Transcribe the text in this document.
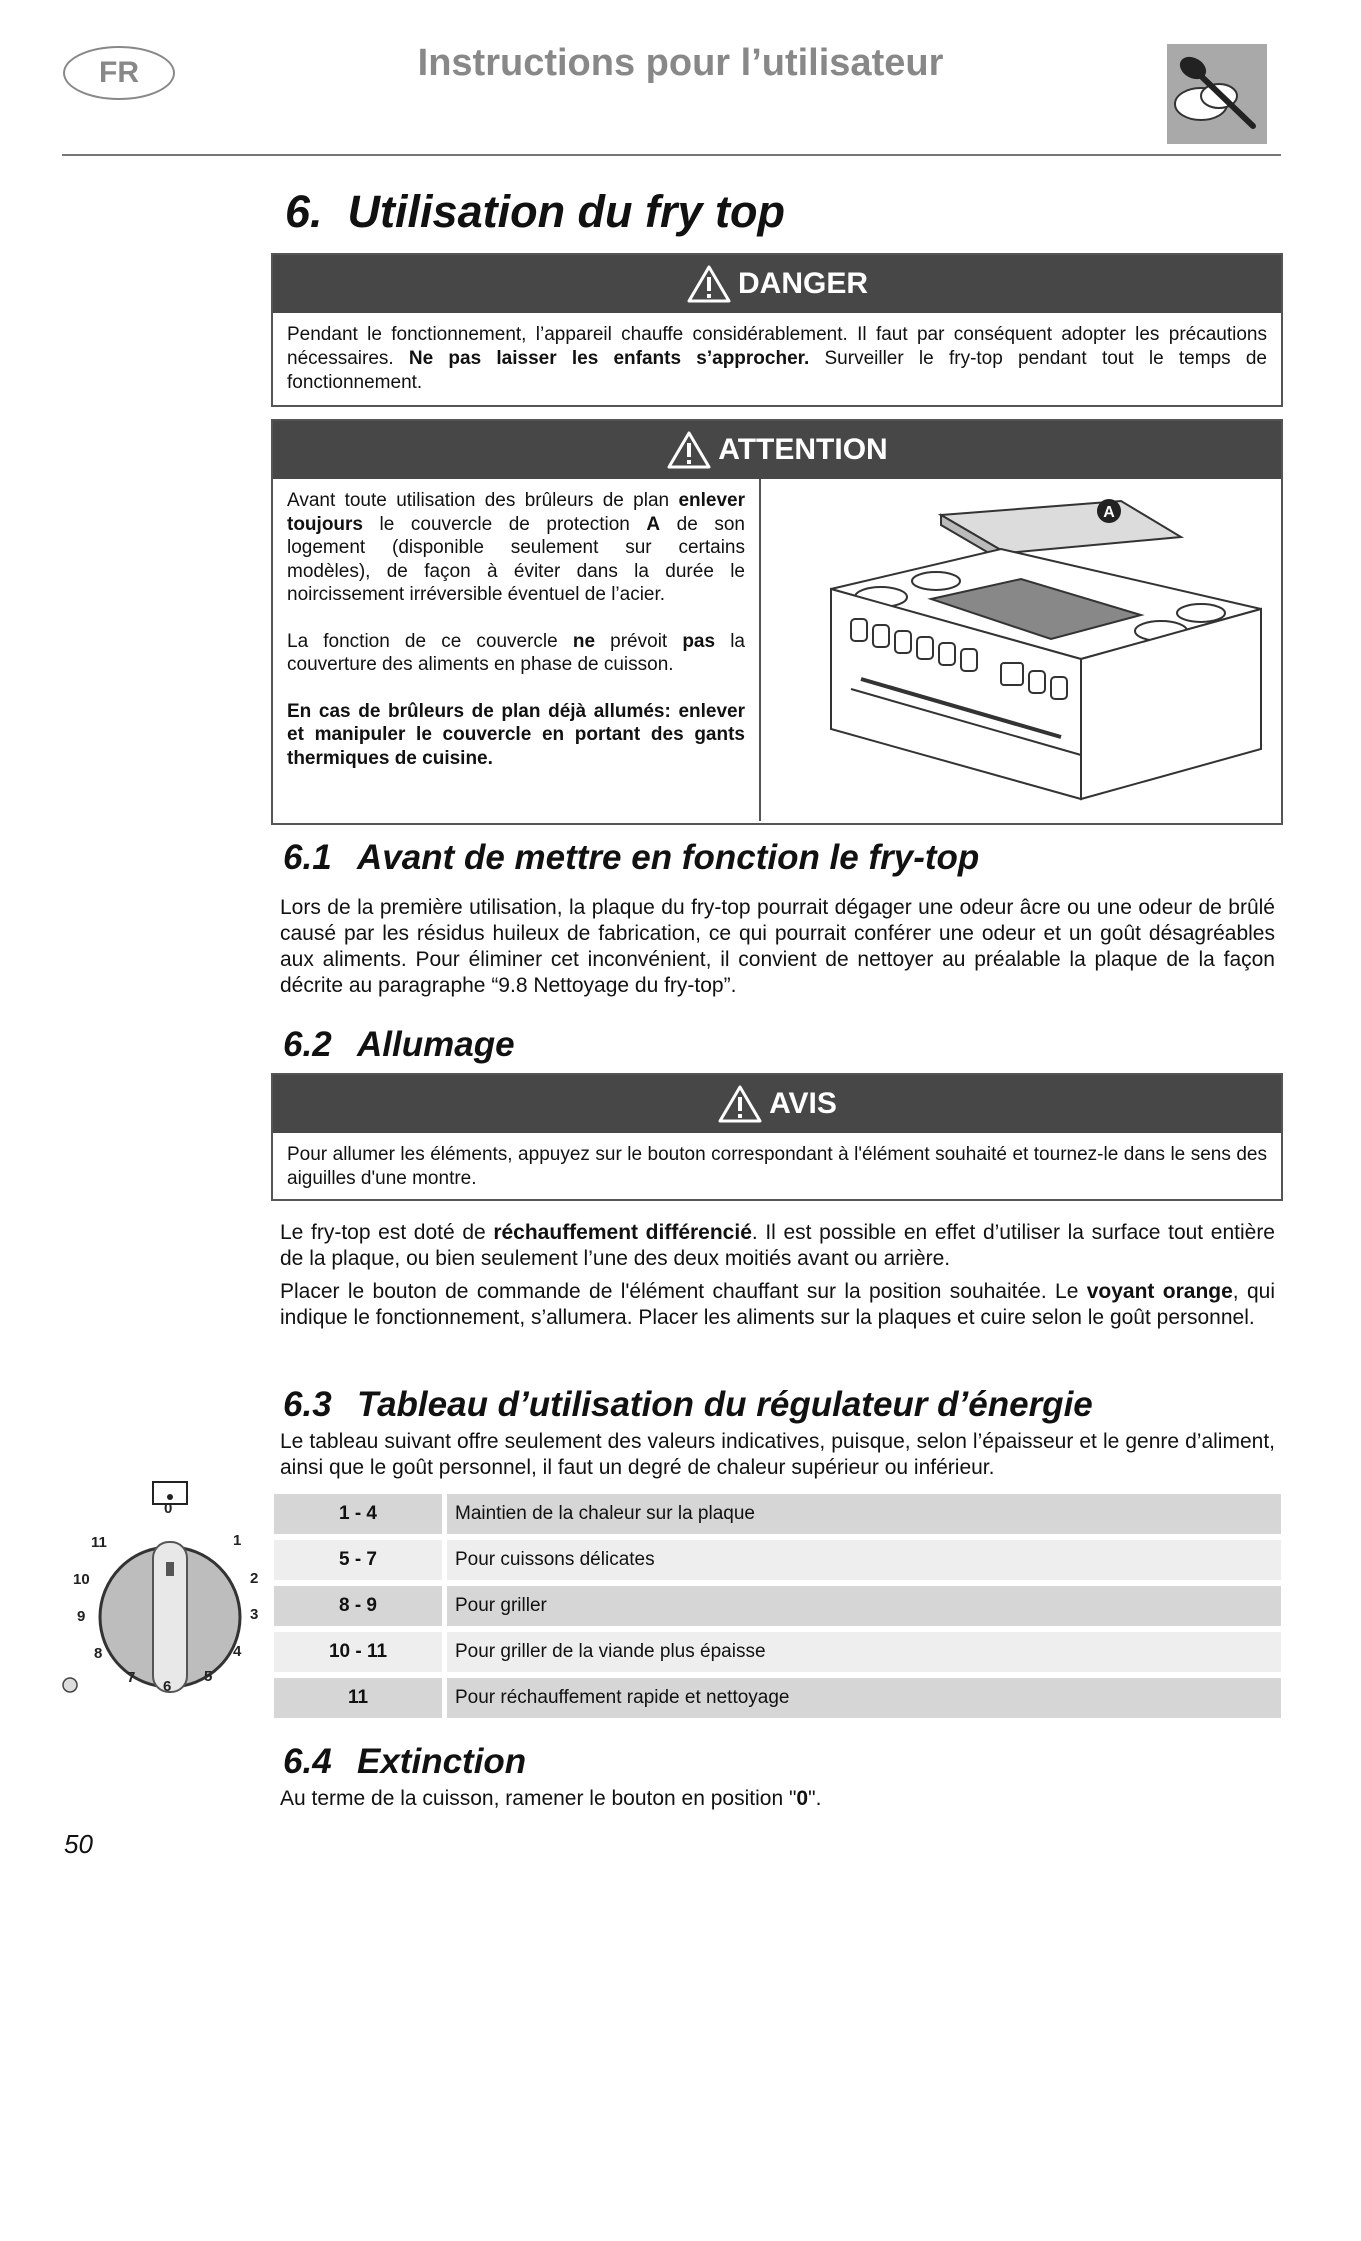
FR	Instructions pour l’utilisateur
6. Utilisation du fry top
DANGER
Pendant le fonctionnement, l’appareil chauffe considérablement. Il faut par conséquent adopter les précautions nécessaires. Ne pas laisser les enfants s’approcher. Surveiller le fry-top pendant tout le temps de fonctionnement.
ATTENTION

Avant toute utilisation des brûleurs de plan enlever toujours le couvercle de protection A de son logement (disponible seulement sur certains modèles), de façon à éviter dans la durée le noircissement irréversible éventuel de l’acier.

La fonction de ce couvercle ne prévoit pas la couverture des aliments en phase de cuisson.

En cas de brûleurs de plan déjà allumés: enlever et manipuler le couvercle en portant des gants thermiques de cuisine.

A
6.1 Avant de mettre en fonction le fry-top
Lors de la première utilisation, la plaque du fry-top pourrait dégager une odeur âcre ou une odeur de brûlé causé par les résidus huileux de fabrication, ce qui pourrait conférer une odeur et un goût désagréables aux aliments. Pour éliminer cet inconvénient, il convient de nettoyer au préalable la plaque de la façon décrite au paragraphe “9.8 Nettoyage du fry-top”.
6.2 Allumage
AVIS
Pour allumer les éléments, appuyez sur le bouton correspondant à l'élément souhaité et tournez-le dans le sens des aiguilles d'une montre.
Le fry-top est doté de réchauffement différencié. Il est possible en effet d’utiliser la surface tout entière de la plaque, ou bien seulement l’une des deux moitiés avant ou arrière.
Placer le bouton de commande de l'élément chauffant sur la position souhaitée. Le voyant orange, qui indique le fonctionnement, s’allumera. Placer les aliments sur la plaques et cuire selon le goût personnel.
6.3 Tableau d’utilisation du régulateur d’énergie
Le tableau suivant offre seulement des valeurs indicatives, puisque, selon l’épaisseur et le genre d’aliment, ainsi que le goût personnel, il faut un degré de chaleur supérieur ou inférieur.
1 - 4	Maintien de la chaleur sur la plaque
5 - 7	Pour cuissons délicates
8 - 9	Pour griller
10 - 11	Pour griller de la viande plus épaisse
11	Pour réchauffement rapide et nettoyage
0
1
2
3
4
5
6
7
8
9
10
11
6.4 Extinction
Au terme de la cuisson, ramener le bouton en position "0".
50
